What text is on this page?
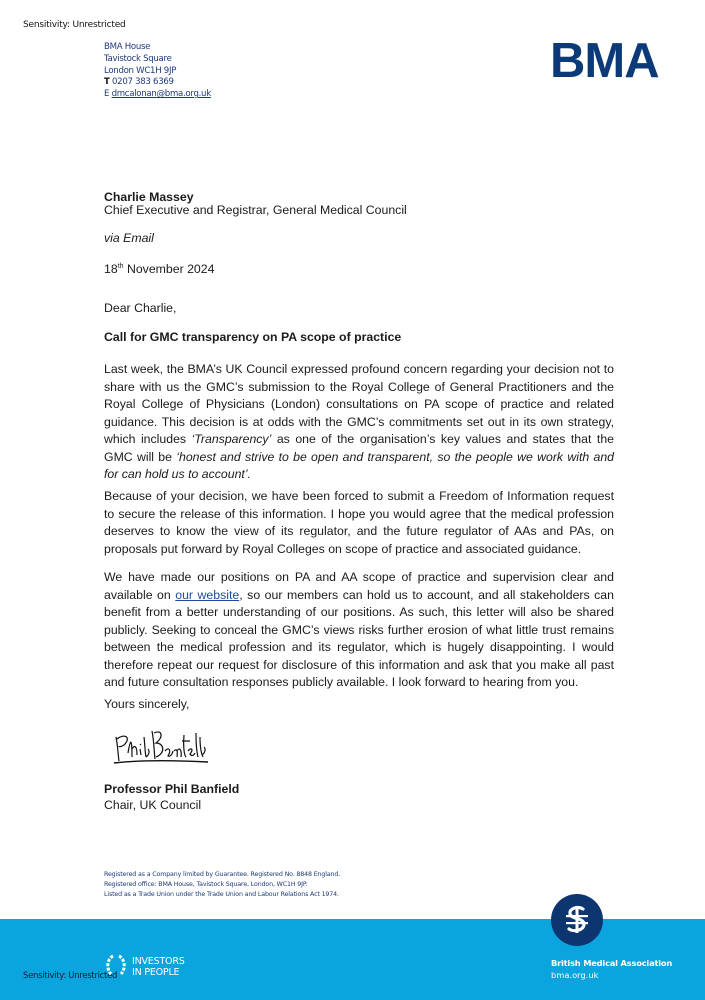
Sensitivity: Unrestricted
BMA House
Tavistock Square
London WC1H 9JP
T 0207 383 6369
E dmcalonan@bma.org.uk
BMA
Charlie Massey
Chief Executive and Registrar, General Medical Council
via Email
18th November 2024
Dear Charlie,
Call for GMC transparency on PA scope of practice
Last week, the BMA’s UK Council expressed profound concern regarding your decision not to share with us the GMC’s submission to the Royal College of General Practitioners and the Royal College of Physicians (London) consultations on PA scope of practice and related guidance. This decision is at odds with the GMC’s commitments set out in its own strategy, which includes ‘Transparency’ as one of the organisation’s key values and states that the GMC will be ‘honest and strive to be open and transparent, so the people we work with and for can hold us to account’.
Because of your decision, we have been forced to submit a Freedom of Information request to secure the release of this information. I hope you would agree that the medical profession deserves to know the view of its regulator, and the future regulator of AAs and PAs, on proposals put forward by Royal Colleges on scope of practice and associated guidance.
We have made our positions on PA and AA scope of practice and supervision clear and available on our website, so our members can hold us to account, and all stakeholders can benefit from a better understanding of our positions. As such, this letter will also be shared publicly. Seeking to conceal the GMC’s views risks further erosion of what little trust remains between the medical profession and its regulator, which is hugely disappointing. I would therefore repeat our request for disclosure of this information and ask that you make all past and future consultation responses publicly available. I look forward to hearing from you.
Yours sincerely,
Professor Phil Banfield
Chair, UK Council
Registered as a Company limited by Guarantee. Registered No. 8848 England.
Registered office: BMA House, Tavistock Square, London, WC1H 9JP.
Listed as a Trade Union under the Trade Union and Labour Relations Act 1974.
Sensitivity: Unrestricted
INVESTORS
IN PEOPLE
British Medical Association
bma.org.uk
